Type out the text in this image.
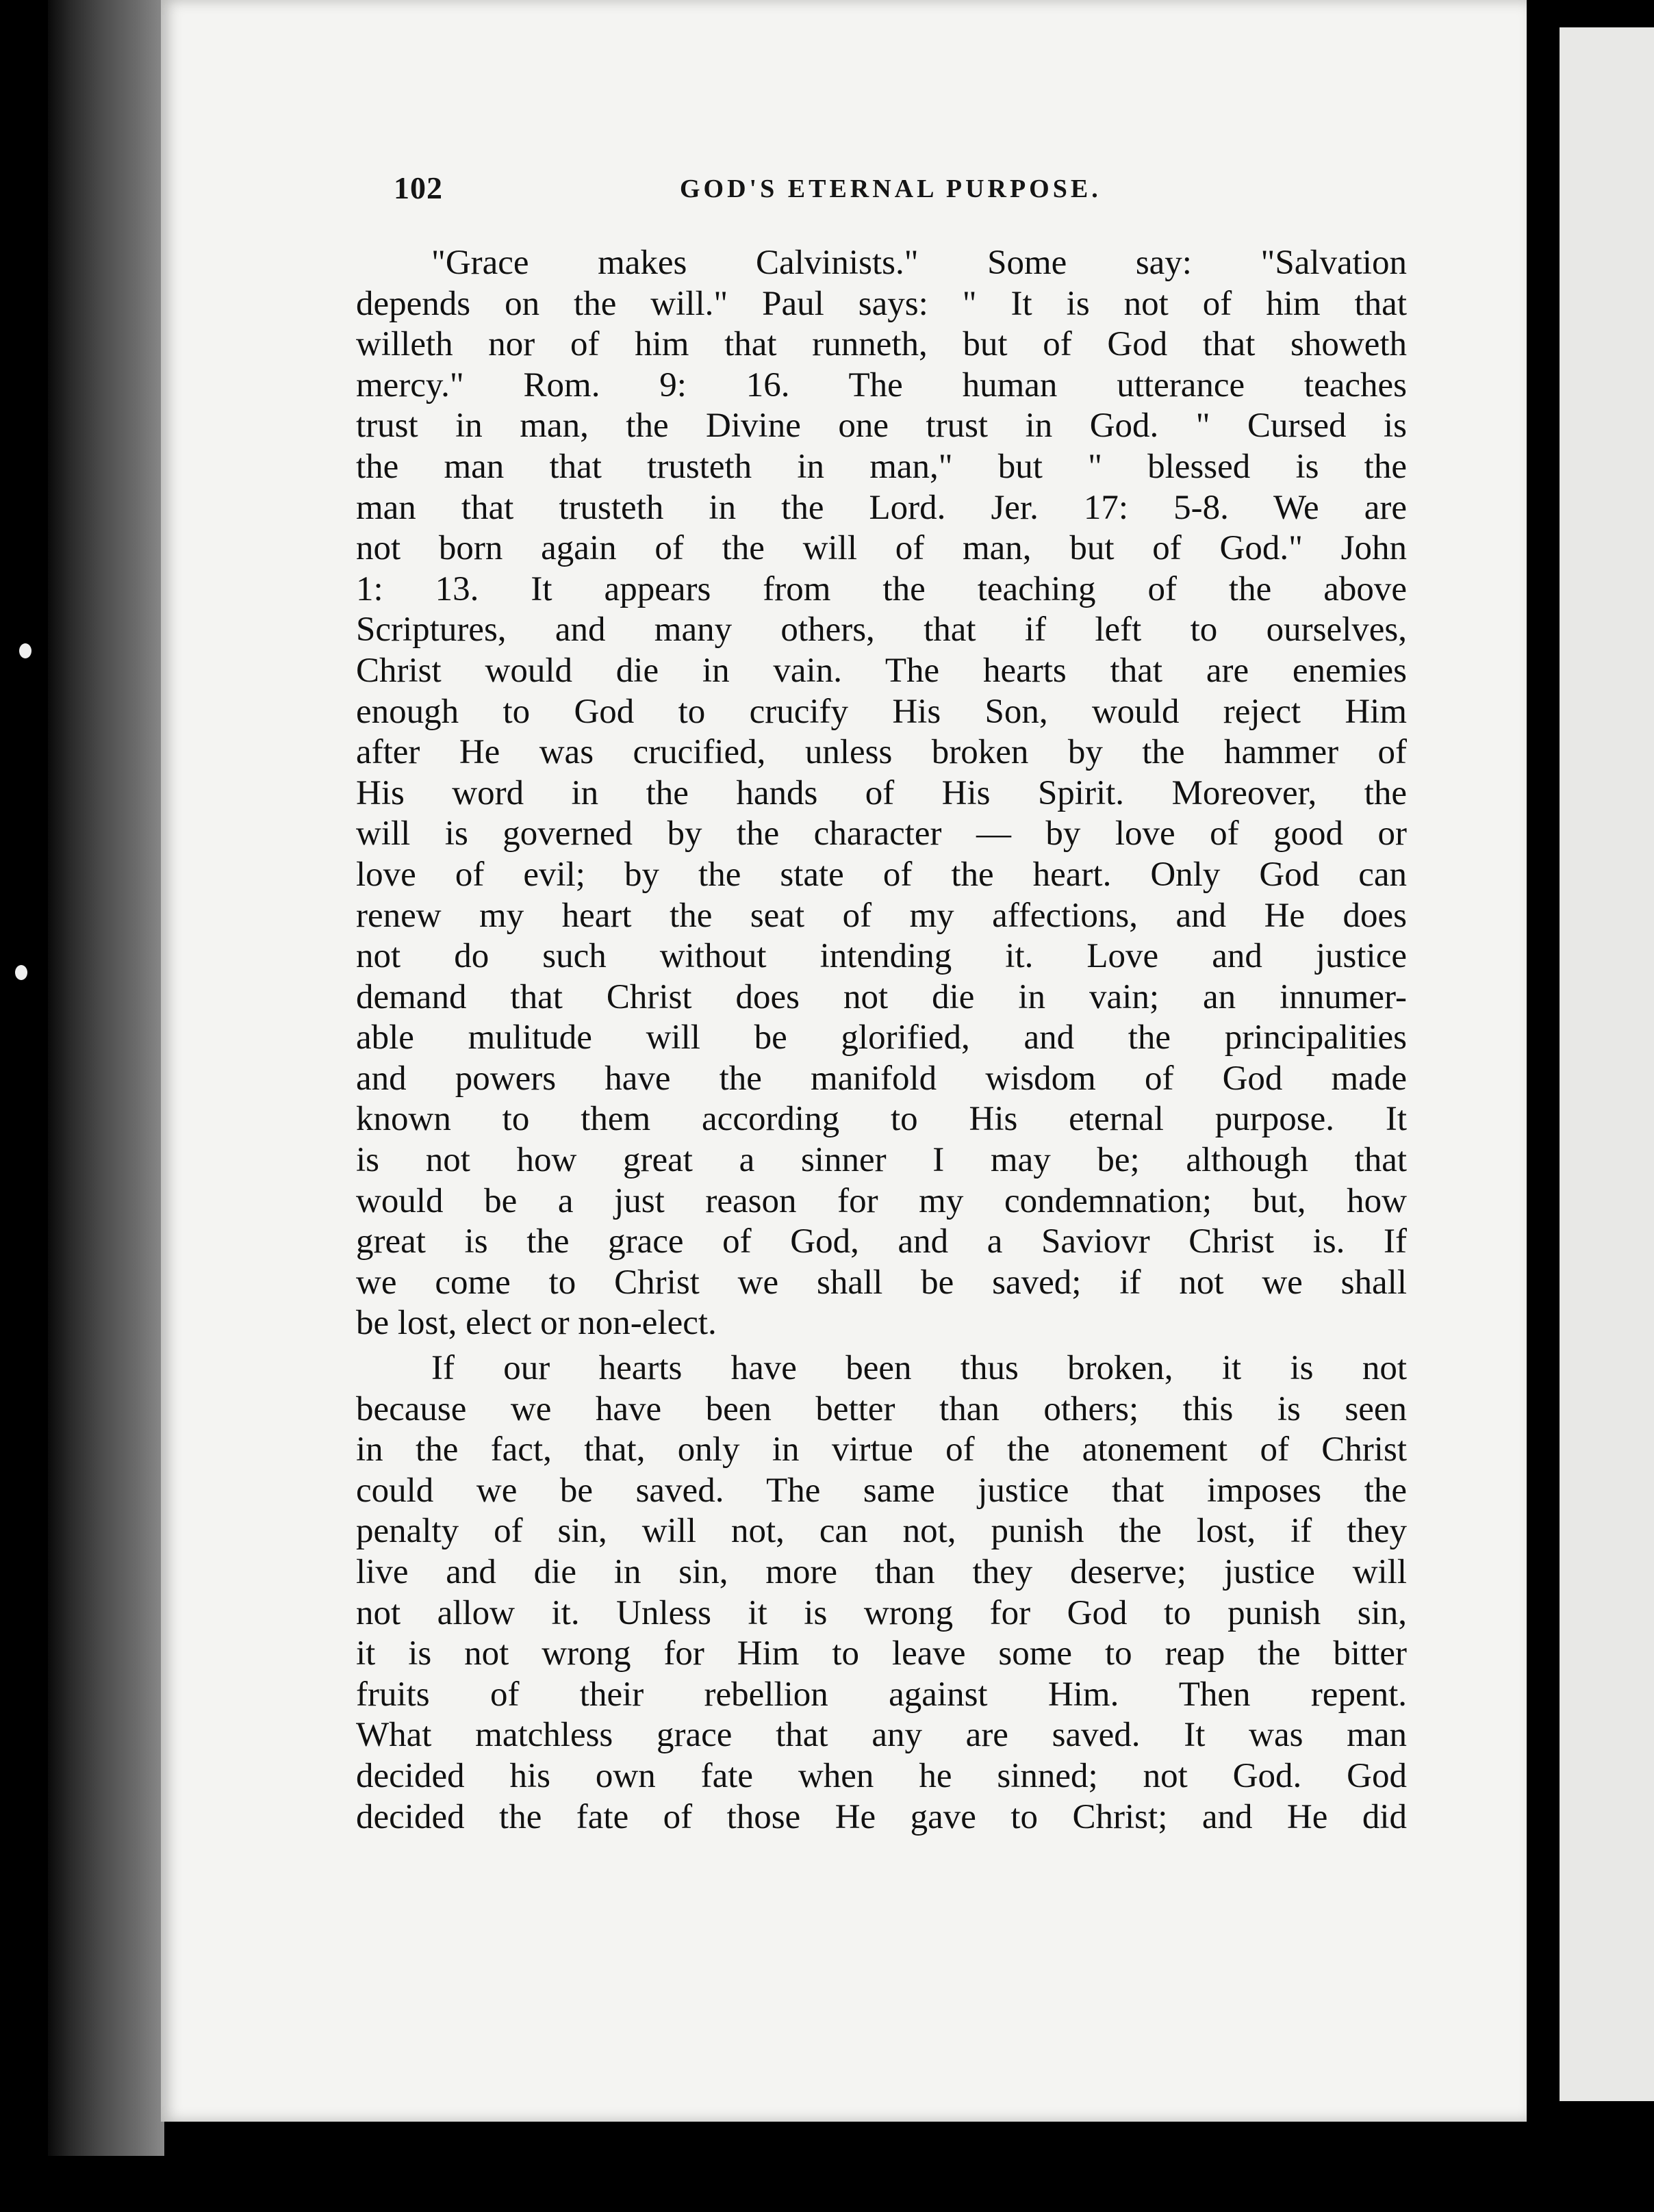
102	GOD'S ETERNAL PURPOSE.
"Grace makes Calvinists." Some say: "Salvation
depends on the will." Paul says: " It is not of him that
willeth nor of him that runneth, but of God that showeth
mercy." Rom. 9: 16. The human utterance teaches
trust in man, the Divine one trust in God. " Cursed is
the man that trusteth in man," but " blessed is the
man that trusteth in the Lord. Jer. 17: 5-8. We are
not born again of the will of man, but of God." John
1: 13. It appears from the teaching of the above
Scriptures, and many others, that if left to ourselves,
Christ would die in vain. The hearts that are enemies
enough to God to crucify His Son, would reject Him
after He was crucified, unless broken by the hammer of
His word in the hands of His Spirit. Moreover, the
will is governed by the character — by love of good or
love of evil; by the state of the heart. Only God can
renew my heart the seat of my affections, and He does
not do such without intending it. Love and justice
demand that Christ does not die in vain; an innumer-
able mulitude will be glorified, and the principalities
and powers have the manifold wisdom of God made
known to them according to His eternal purpose. It
is not how great a sinner I may be; although that
would be a just reason for my condemnation; but, how
great is the grace of God, and a Saviovr Christ is. If
we come to Christ we shall be saved; if not we shall
be lost, elect or non-elect.
If our hearts have been thus broken, it is not
because we have been better than others; this is seen
in the fact, that, only in virtue of the atonement of Christ
could we be saved. The same justice that imposes the
penalty of sin, will not, can not, punish the lost, if they
live and die in sin, more than they deserve; justice will
not allow it. Unless it is wrong for God to punish sin,
it is not wrong for Him to leave some to reap the bitter
fruits of their rebellion against Him. Then repent.
What matchless grace that any are saved. It was man
decided his own fate when he sinned; not God. God
decided the fate of those He gave to Christ; and He did
